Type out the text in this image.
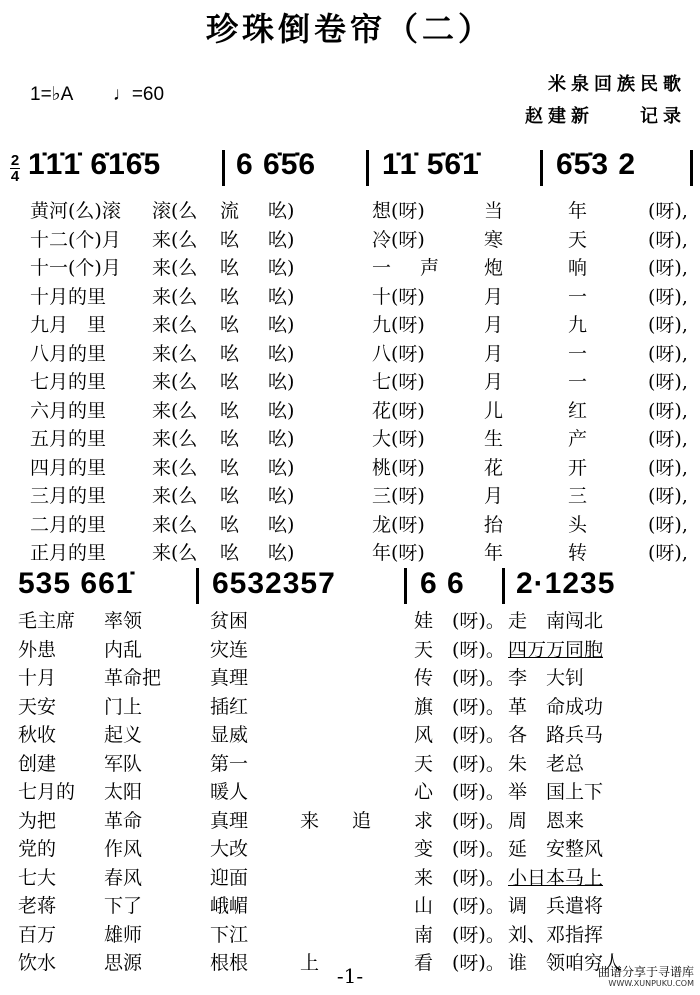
珍珠倒卷帘（二）
1=♭A ♩=60	米泉回族民歌
赵建新　　记录
2
4 1̇1̇1̇ 6̇1̇6̇5 6 6̇5̇6 1̇1̇ 5̇6̇1̇	6̇5̇3 2
黄河(么)滚 滚(么 流 吆)	想(呀)	当	年	(呀),
十二(个)月 来(么 吆 吆)	冷(呀)	寒	天	(呀),
十一(个)月 来(么 吆 吆)	一 声 炮	响	(呀),
十月的里 来(么 吆 吆)	十(呀)	月	一	(呀),
九月　里 来(么 吆 吆)	九(呀)	月	九	(呀),
八月的里 来(么 吆 吆)	八(呀)	月	一	(呀),
七月的里 来(么 吆 吆)	七(呀)	月	一	(呀),
六月的里 来(么 吆 吆)	花(呀)	儿	红	(呀),
五月的里 来(么 吆 吆)	大(呀)	生	产	(呀),
四月的里 来(么 吆 吆)	桃(呀)	花	开	(呀),
三月的里 来(么 吆 吆)	三(呀)	月	三	(呀),
二月的里 来(么 吆 吆)	龙(呀)	抬	头	(呀),
正月的里 来(么 吆 吆)	年(呀)	年	转	(呀),
535 661̇	6532357	6 6 2·1235
毛主席 率领	贫困	娃 (呀)。 走　南闯北
外患	内乱	灾连	天 (呀)。 四万万同胞
十月	革命把	真理	传 (呀)。 李　大钊
天安	门上	插红	旗 (呀)。 革　命成功
秋收	起义	显威	风 (呀)。 各　路兵马
创建	军队	第一	天 (呀)。 朱　老总
七月的 太阳	暖人	心 (呀)。 举　国上下
为把	革命	真理	来 追 求 (呀)。 周　恩来
党的	作风	大改	变 (呀)。 延　安整风
七大	春风	迎面	来 (呀)。 小日本马上
老蒋	下了	峨嵋	山 (呀)。 调　兵遣将
百万	雄师	下江	南 (呀)。 刘、邓指挥
饮水	思源	根根	上	看 (呀)。 谁　领咱穷人
-1-	曲谱分享于寻谱库
WWW.XUNPUKU.COM
